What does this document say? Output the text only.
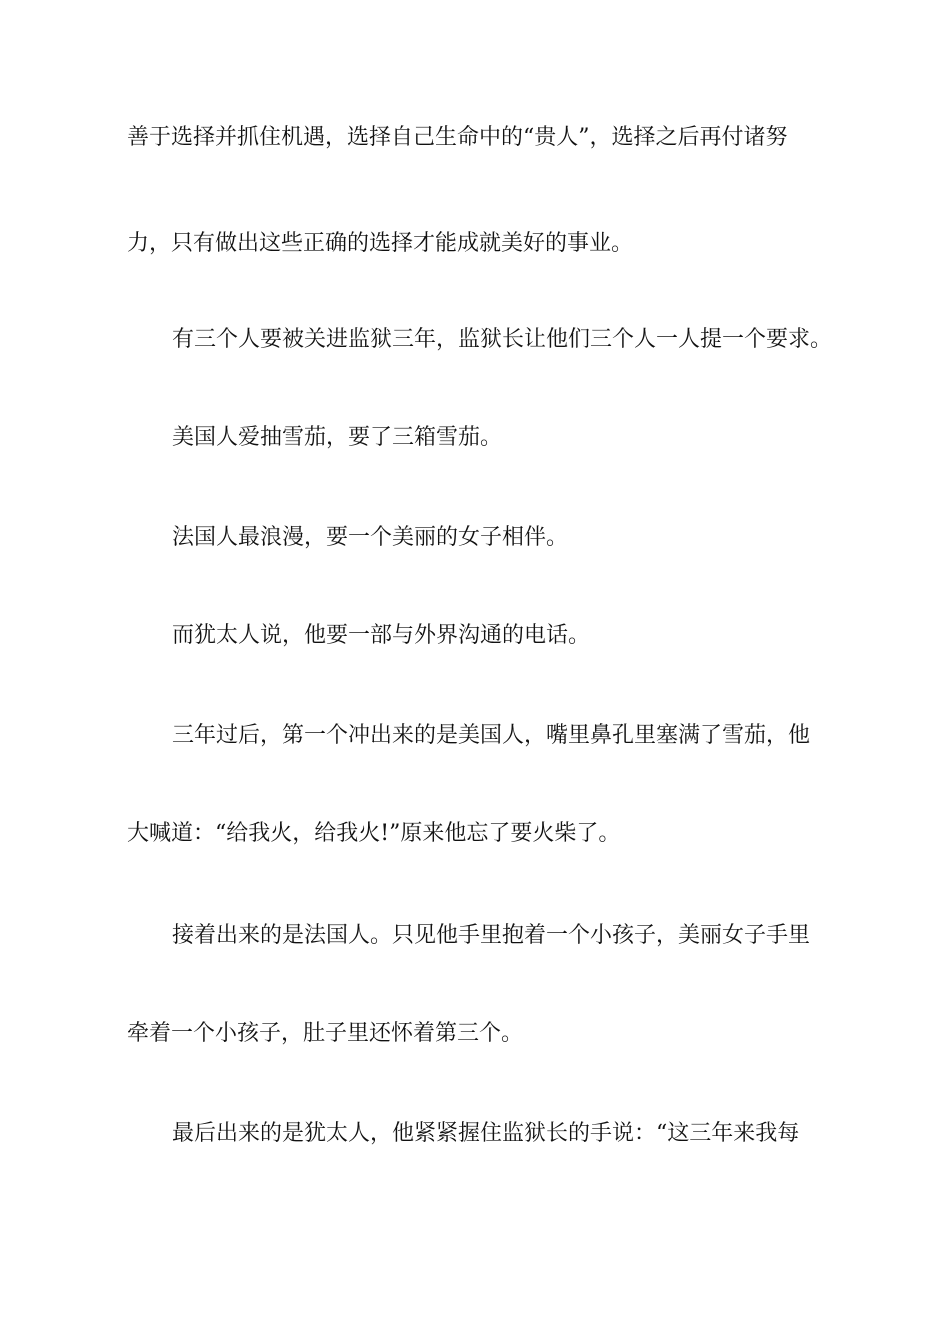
善于选择并抓住机遇，选择自己生命中的“贵人”，选择之后再付诸努
力，只有做出这些正确的选择才能成就美好的事业。
有三个人要被关进监狱三年，监狱长让他们三个人一人提一个要求。
美国人爱抽雪茄，要了三箱雪茄。
法国人最浪漫，要一个美丽的女子相伴。
而犹太人说，他要一部与外界沟通的电话。
三年过后，第一个冲出来的是美国人，嘴里鼻孔里塞满了雪茄，他
大喊道：“给我火，给我火!”原来他忘了要火柴了。
接着出来的是法国人。只见他手里抱着一个小孩子，美丽女子手里
牵着一个小孩子，肚子里还怀着第三个。
最后出来的是犹太人，他紧紧握住监狱长的手说：“这三年来我每
